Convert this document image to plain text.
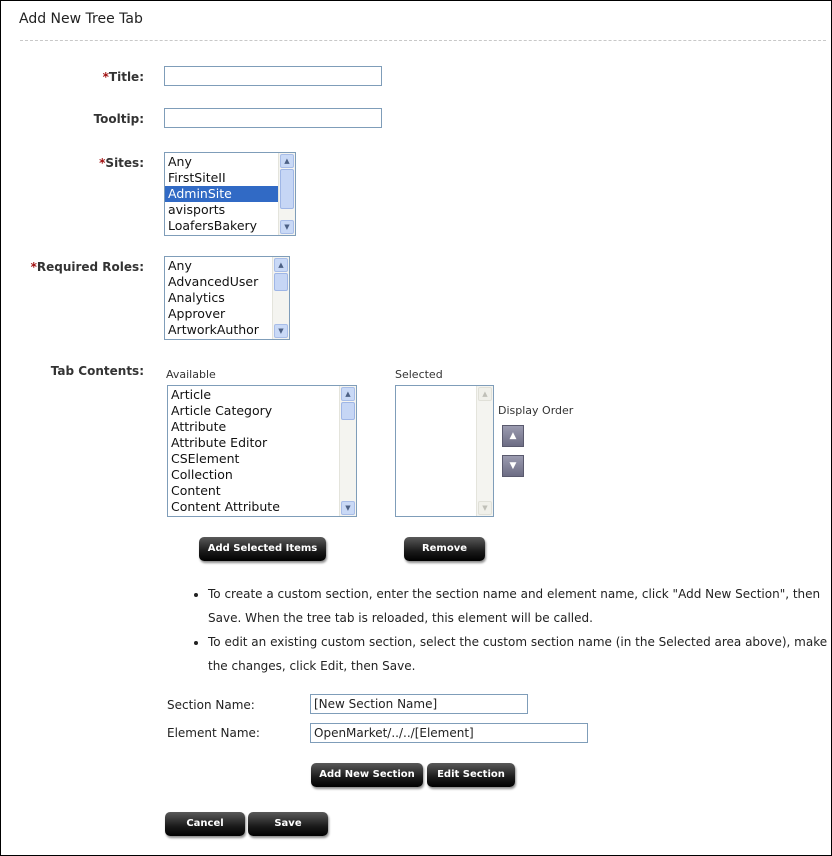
Add New Tree Tab
*Title:
Tooltip:
*Sites: Any
FirstSiteII
AdminSite
avisports
LoafersBakery
▲
▼
*Required Roles: Any
AdvancedUser
Analytics
Approver
ArtworkAuthor
▲
▼
Tab Contents: Available	Selected
Article
Article Category
Attribute
Attribute Editor
CSElement
Collection
Content
Content Attribute
▲
▼
▲
▼
Display Order
▲
▼
Add Selected Items	Remove
• To create a custom section, enter the section name and element name, click "Add New Section", then Save. When the tree tab is reloaded, this element will be called.
• To edit an existing custom section, select the custom section name (in the Selected area above), make the changes, click Edit, then Save.
Section Name:
[New Section Name]
Element Name:
OpenMarket/../../[Element]
Add New Section	Edit Section
Cancel	Save
